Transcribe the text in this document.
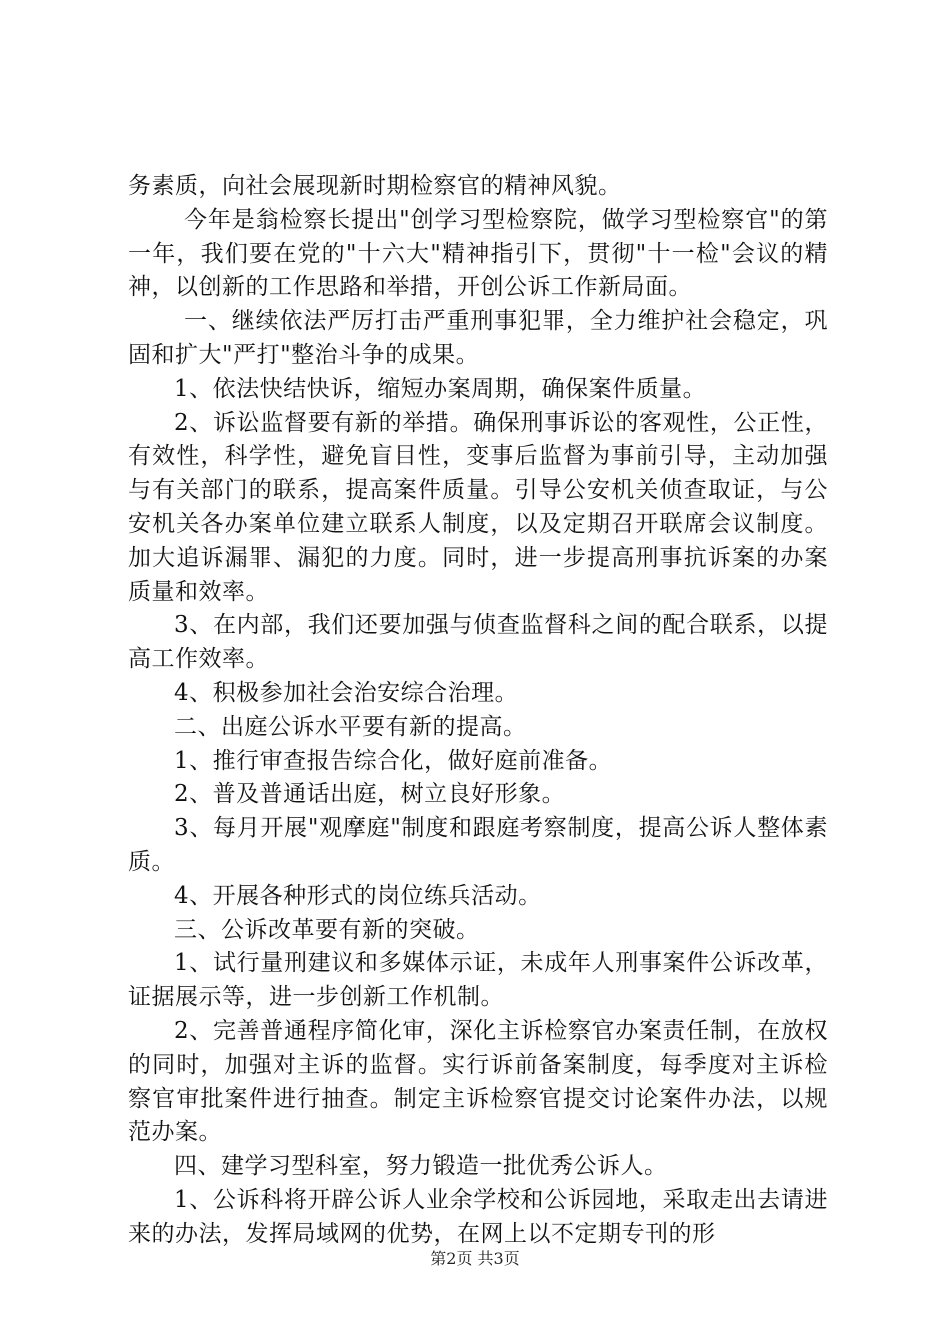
务素质，向社会展现新时期检察官的精神风貌。

今年是翁检察长提出"创学习型检察院，做学习型检察官"的第一年，我们要在党的"十六大"精神指引下，贯彻"十一检"会议的精神，以创新的工作思路和举措，开创公诉工作新局面。

一、继续依法严厉打击严重刑事犯罪，全力维护社会稳定，巩固和扩大"严打"整治斗争的成果。

1、依法快结快诉，缩短办案周期，确保案件质量。

2、诉讼监督要有新的举措。确保刑事诉讼的客观性，公正性，有效性，科学性，避免盲目性，变事后监督为事前引导，主动加强与有关部门的联系，提高案件质量。引导公安机关侦查取证，与公安机关各办案单位建立联系人制度，以及定期召开联席会议制度。加大追诉漏罪、漏犯的力度。同时，进一步提高刑事抗诉案的办案质量和效率。

3、在内部，我们还要加强与侦查监督科之间的配合联系，以提高工作效率。

4、积极参加社会治安综合治理。

二、出庭公诉水平要有新的提高。

1、推行审查报告综合化，做好庭前准备。

2、普及普通话出庭，树立良好形象。

3、每月开展"观摩庭"制度和跟庭考察制度，提高公诉人整体素质。

4、开展各种形式的岗位练兵活动。

三、公诉改革要有新的突破。

1、试行量刑建议和多媒体示证，未成年人刑事案件公诉改革，证据展示等，进一步创新工作机制。

2、完善普通程序简化审，深化主诉检察官办案责任制，在放权的同时，加强对主诉的监督。实行诉前备案制度，每季度对主诉检察官审批案件进行抽查。制定主诉检察官提交讨论案件办法，以规范办案。

四、建学习型科室，努力锻造一批优秀公诉人。

1、公诉科将开辟公诉人业余学校和公诉园地，采取走出去请进来的办法，发挥局域网的优势，在网上以不定期专刊的形

第2页 共3页
